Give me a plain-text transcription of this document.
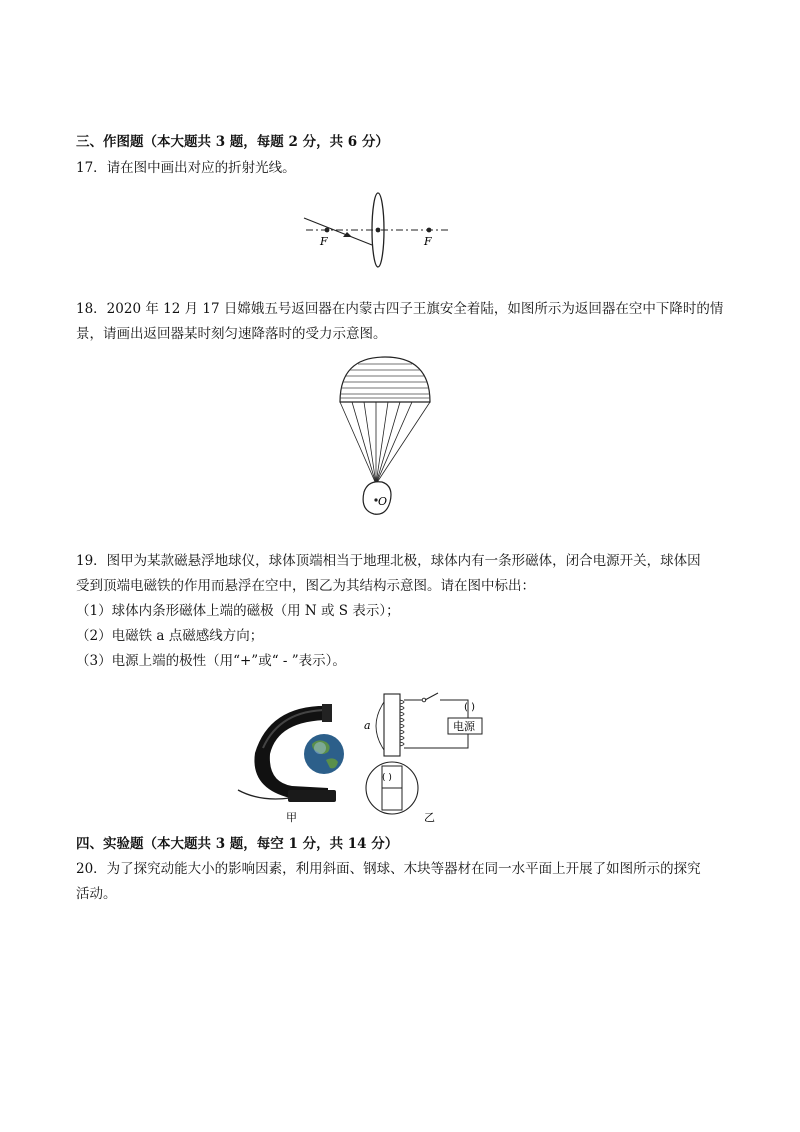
三、作图题（本大题共 3 题，每题 2 分，共 6 分）
17．请在图中画出对应的折射光线。
F	F
18．2020 年 12 月 17 日嫦娥五号返回器在内蒙古四子王旗安全着陆，如图所示为返回器在空中下降时的情
景，请画出返回器某时刻匀速降落时的受力示意图。
O
19．图甲为某款磁悬浮地球仪，球体顶端相当于地理北极，球体内有一条形磁体，闭合电源开关，球体因
受到顶端电磁铁的作用而悬浮在空中，图乙为其结构示意图。请在图中标出：
（1）球体内条形磁体上端的磁极（用 N 或 S 表示）；
（2）电磁铁 a 点磁感线方向；
（3）电源上端的极性（用“+”或“ - ”表示）。
甲
a	电源
( )
( )
乙
四、实验题（本大题共 3 题，每空 1 分，共 14 分）
20．为了探究动能大小的影响因素，利用斜面、钢球、木块等器材在同一水平面上开展了如图所示的探究
活动。
